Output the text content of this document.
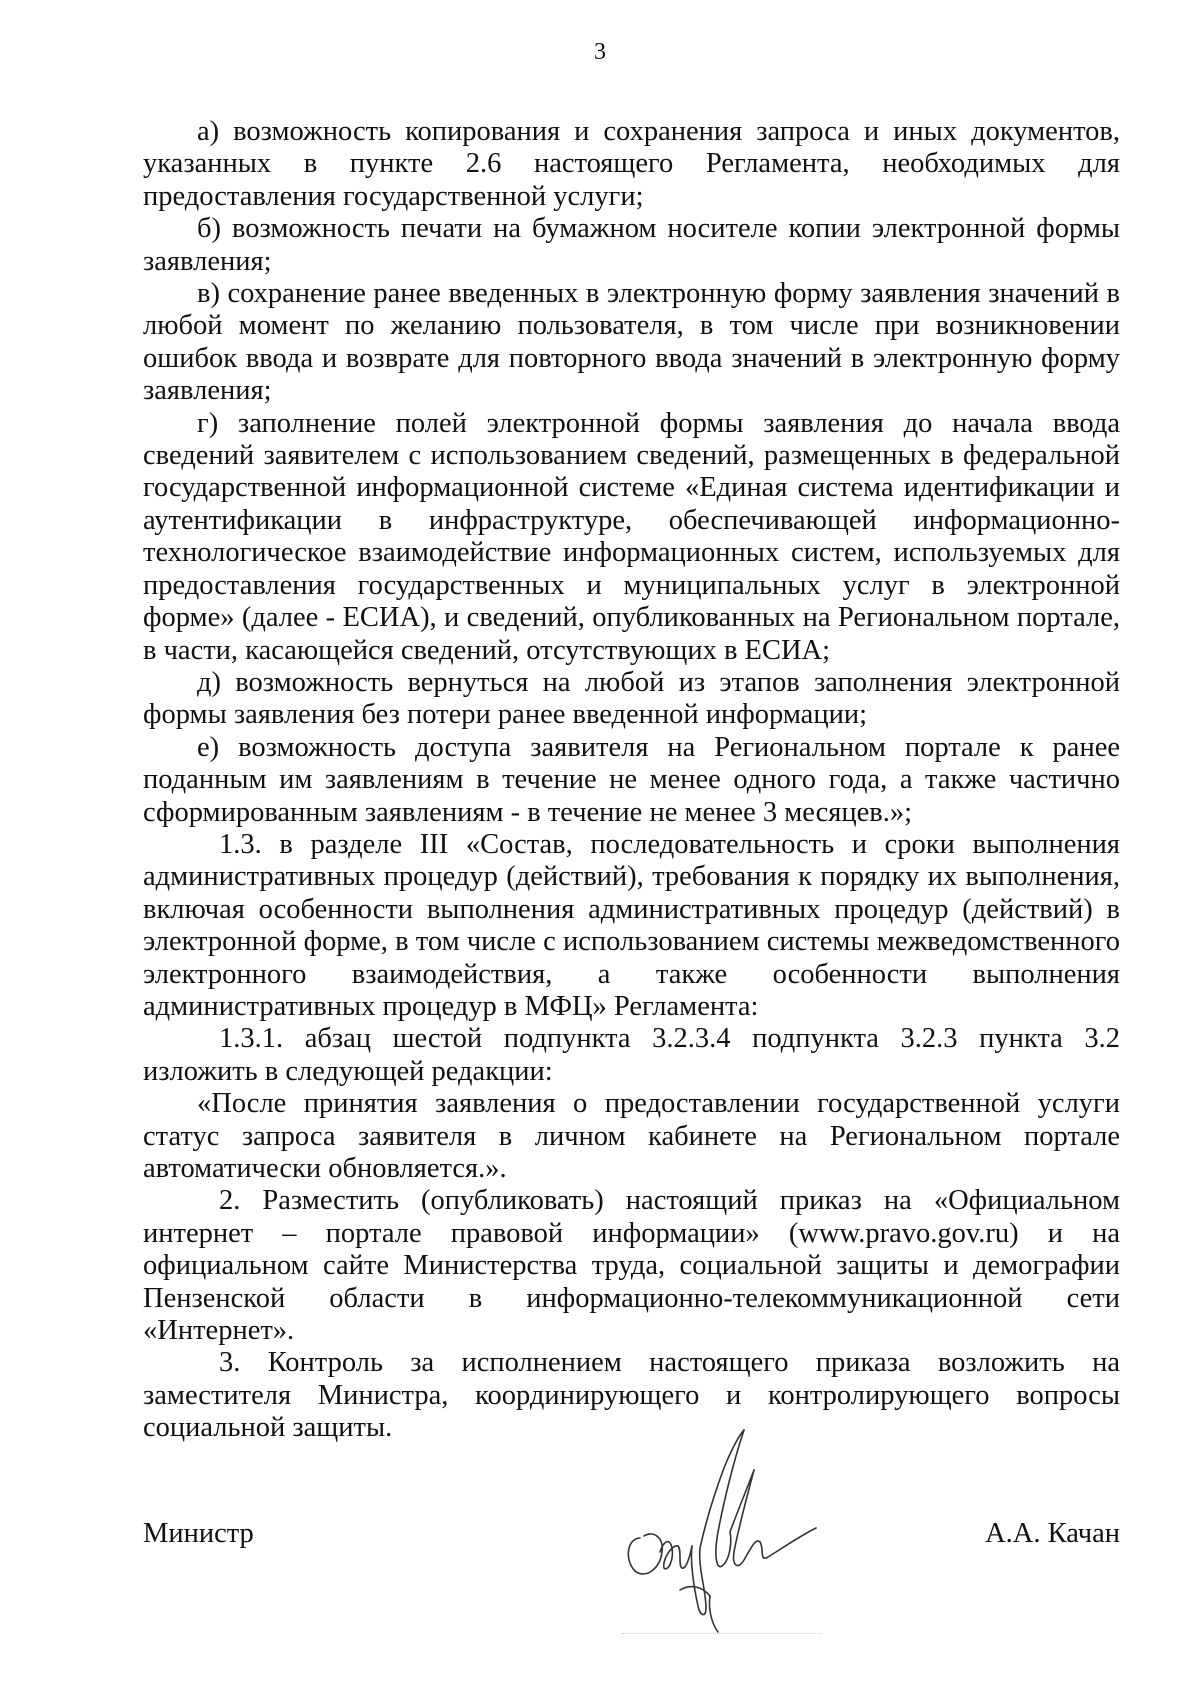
3

а) возможность копирования и сохранения запроса и иных документов, указанных в пункте 2.6 настоящего Регламента, необходимых для предоставления государственной услуги;

б) возможность печати на бумажном носителе копии электронной формы заявления;

в) сохранение ранее введенных в электронную форму заявления значений в любой момент по желанию пользователя, в том числе при возникновении ошибок ввода и возврате для повторного ввода значений в электронную форму заявления;

г) заполнение полей электронной формы заявления до начала ввода сведений заявителем с использованием сведений, размещенных в федеральной государственной информационной системе «Единая система идентификации и аутентификации в инфраструктуре, обеспечивающей информационно-технологическое взаимодействие информационных систем, используемых для предоставления государственных и муниципальных услуг в электронной форме» (далее - ЕСИА), и сведений, опубликованных на Региональном портале, в части, касающейся сведений, отсутствующих в ЕСИА;

д) возможность вернуться на любой из этапов заполнения электронной формы заявления без потери ранее введенной информации;

е) возможность доступа заявителя на Региональном портале к ранее поданным им заявлениям в течение не менее одного года, а также частично сформированным заявлениям - в течение не менее 3 месяцев.»;

1.3. в разделе III «Состав, последовательность и сроки выполнения административных процедур (действий), требования к порядку их выполнения, включая особенности выполнения административных процедур (действий) в электронной форме, в том числе с использованием системы межведомственного электронного взаимодействия, а также особенности выполнения административных процедур в МФЦ» Регламента:

1.3.1. абзац шестой подпункта 3.2.3.4 подпункта 3.2.3 пункта 3.2 изложить в следующей редакции:

«После принятия заявления о предоставлении государственной услуги статус запроса заявителя в личном кабинете на Региональном портале автоматически обновляется.».

2. Разместить (опубликовать) настоящий приказ на «Официальном интернет – портале правовой информации» (www.pravo.gov.ru) и на официальном сайте Министерства труда, социальной защиты и демографии Пензенской области в информационно-телекоммуникационной сети «Интернет».

3. Контроль за исполнением настоящего приказа возложить на заместителя Министра, координирующего и контролирующего вопросы социальной защиты.

Министр	А.А. Качан
